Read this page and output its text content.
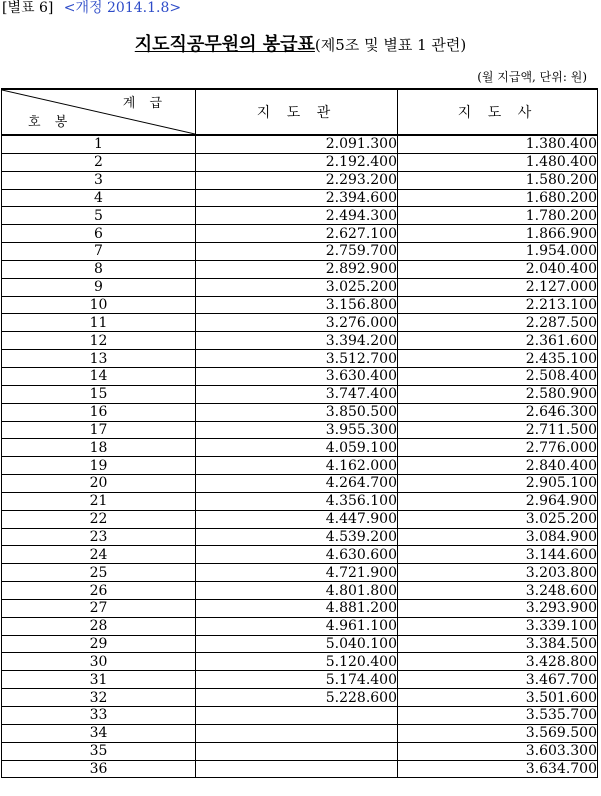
[별표 6] <개정 2014.1.8>
지도직공무원의 봉급표(제5조 및 별표 1 관련)
(월 지급액, 단위: 원)
계 급
호 봉	지 도 관	지 도 사
1	2.091.300	1.380.400
2	2.192.400	1.480.400
3	2.293.200	1.580.200
4	2.394.600	1.680.200
5	2.494.300	1.780.200
6	2.627.100	1.866.900
7	2.759.700	1.954.000
8	2.892.900	2.040.400
9	3.025.200	2.127.000
10	3.156.800	2.213.100
11	3.276.000	2.287.500
12	3.394.200	2.361.600
13	3.512.700	2.435.100
14	3.630.400	2.508.400
15	3.747.400	2.580.900
16	3.850.500	2.646.300
17	3.955.300	2.711.500
18	4.059.100	2.776.000
19	4.162.000	2.840.400
20	4.264.700	2.905.100
21	4.356.100	2.964.900
22	4.447.900	3.025.200
23	4.539.200	3.084.900
24	4.630.600	3.144.600
25	4.721.900	3.203.800
26	4.801.800	3.248.600
27	4.881.200	3.293.900
28	4.961.100	3.339.100
29	5.040.100	3.384.500
30	5.120.400	3.428.800
31	5.174.400	3.467.700
32	5.228.600	3.501.600
33		3.535.700
34		3.569.500
35		3.603.300
36		3.634.700
